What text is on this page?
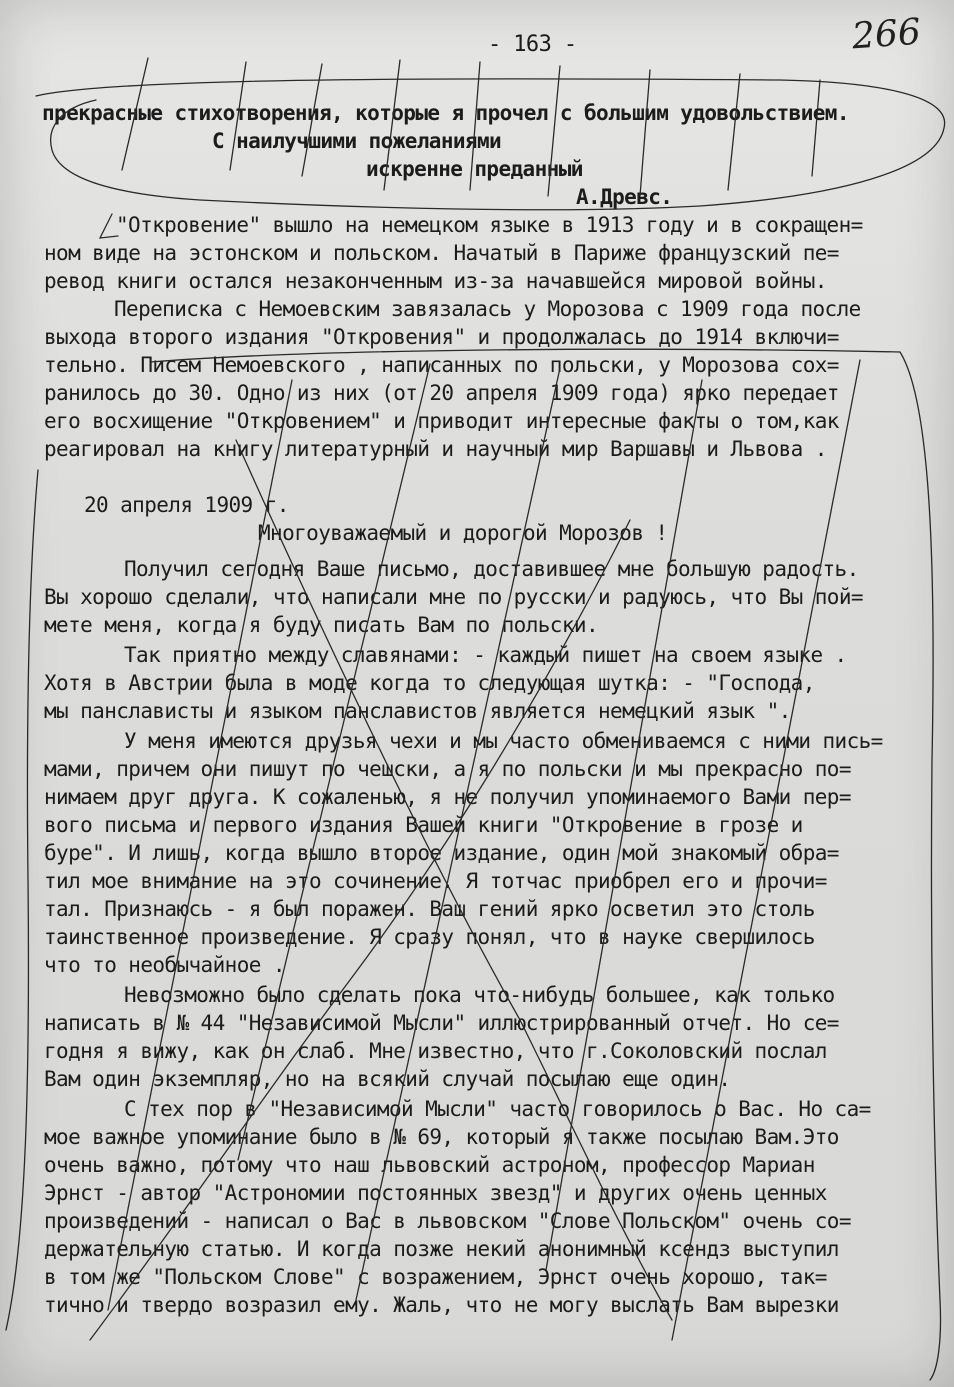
- 163 -	266
прекрасные стихотворения, которые я прочел с большим удовольствием.
С наилучшими пожеланиями
искренне преданный
А.Древс.
"Откровение" вышло на немецком языке в 1913 году и в сокращен=
ном виде на эстонском и польском. Начатый в Париже французский пе=
ревод книги остался незаконченным из-за начавшейся мировой войны.
Переписка с Немоевским завязалась у Морозова с 1909 года после
выхода второго издания "Откровения" и продолжалась до 1914 включи=
тельно. Писем Немоевского , написанных по польски, у Морозова сох=
ранилось до 30. Одно из них (от 20 апреля 1909 года) ярко передает
его восхищение "Откровением" и приводит интересные факты о том,как
реагировал на книгу литературный и научный мир Варшавы и Львова .
20 апреля 1909 г.
Многоуважаемый и дорогой Морозов !
Получил сегодня Ваше письмо, доставившее мне большую радость.
Вы хорошо сделали, что написали мне по русски и радуюсь, что Вы пой=
мете меня, когда я буду писать Вам по польски.
Так приятно между славянами: - каждый пишет на своем языке .
Хотя в Австрии была в моде когда то следующая шутка: - "Господа,
мы панслависты и языком панславистов является немецкий язык ".
У меня имеются друзья чехи и мы часто обмениваемся с ними пись=
мами, причем они пишут по чешски, а я по польски и мы прекрасно по=
нимаем друг друга. К сожаленью, я не получил упоминаемого Вами пер=
вого письма и первого издания Вашей книги "Откровение в грозе и
буре". И лишь, когда вышло второе издание, один мой знакомый обра=
тил мое внимание на это сочинение. Я тотчас приобрел его и прочи=
тал. Признаюсь - я был поражен. Ваш гений ярко осветил это столь
таинственное произведение. Я сразу понял, что в науке свершилось
что то необычайное .
Невозможно было сделать пока что-нибудь большее, как только
написать в № 44 "Независимой Мысли" иллюстрированный отчет. Но се=
годня я вижу, как он слаб. Мне известно, что г.Соколовский послал
Вам один экземпляр, но на всякий случай посылаю еще один.
С тех пор в "Независимой Мысли" часто говорилось о Вас. Но са=
мое важное упоминание было в № 69, который я также посылаю Вам.Это
очень важно, потому что наш львовский астроном, профессор Мариан
Эрнст - автор "Астрономии постоянных звезд" и других очень ценных
произведений - написал о Вас в львовском "Слове Польском" очень со=
держательную статью. И когда позже некий анонимный ксендз выступил
в том же "Польском Слове" с возражением, Эрнст очень хорошо, так=
тично и твердо возразил ему. Жаль, что не могу выслать Вам вырезки
